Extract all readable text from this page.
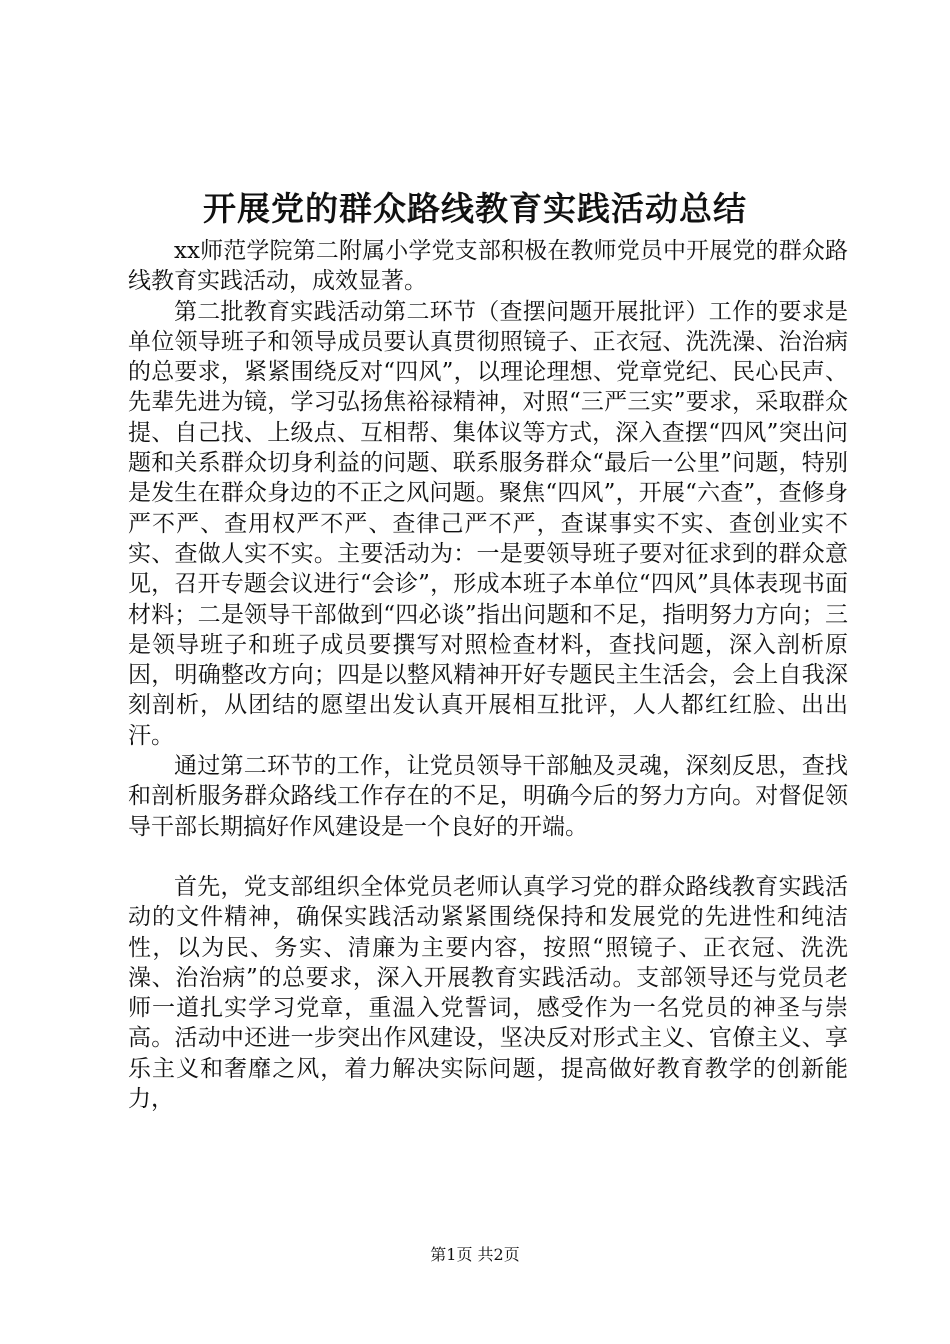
开展党的群众路线教育实践活动总结

xx师范学院第二附属小学党支部积极在教师党员中开展党的群众路线教育实践活动，成效显著。

第二批教育实践活动第二环节（查摆问题开展批评）工作的要求是单位领导班子和领导成员要认真贯彻照镜子、正衣冠、洗洗澡、治治病的总要求，紧紧围绕反对“四风”，以理论理想、党章党纪、民心民声、先辈先进为镜，学习弘扬焦裕禄精神，对照“三严三实”要求，采取群众提、自己找、上级点、互相帮、集体议等方式，深入查摆“四风”突出问题和关系群众切身利益的问题、联系服务群众“最后一公里”问题，特别是发生在群众身边的不正之风问题。聚焦“四风”，开展“六查”，查修身严不严、查用权严不严、查律己严不严，查谋事实不实、查创业实不实、查做人实不实。主要活动为：一是要领导班子要对征求到的群众意见，召开专题会议进行“会诊”，形成本班子本单位“四风”具体表现书面材料；二是领导干部做到“四必谈”指出问题和不足，指明努力方向；三是领导班子和班子成员要撰写对照检查材料，查找问题，深入剖析原因，明确整改方向；四是以整风精神开好专题民主生活会，会上自我深刻剖析，从团结的愿望出发认真开展相互批评，人人都红红脸、出出汗。

通过第二环节的工作，让党员领导干部触及灵魂，深刻反思，查找和剖析服务群众路线工作存在的不足，明确今后的努力方向。对督促领导干部长期搞好作风建设是一个良好的开端。

首先，党支部组织全体党员老师认真学习党的群众路线教育实践活动的文件精神，确保实践活动紧紧围绕保持和发展党的先进性和纯洁性，以为民、务实、清廉为主要内容，按照“照镜子、正衣冠、洗洗澡、治治病”的总要求，深入开展教育实践活动。支部领导还与党员老师一道扎实学习党章，重温入党誓词，感受作为一名党员的神圣与崇高。活动中还进一步突出作风建设，坚决反对形式主义、官僚主义、享乐主义和奢靡之风，着力解决实际问题，提高做好教育教学的创新能力，

第1页 共2页
